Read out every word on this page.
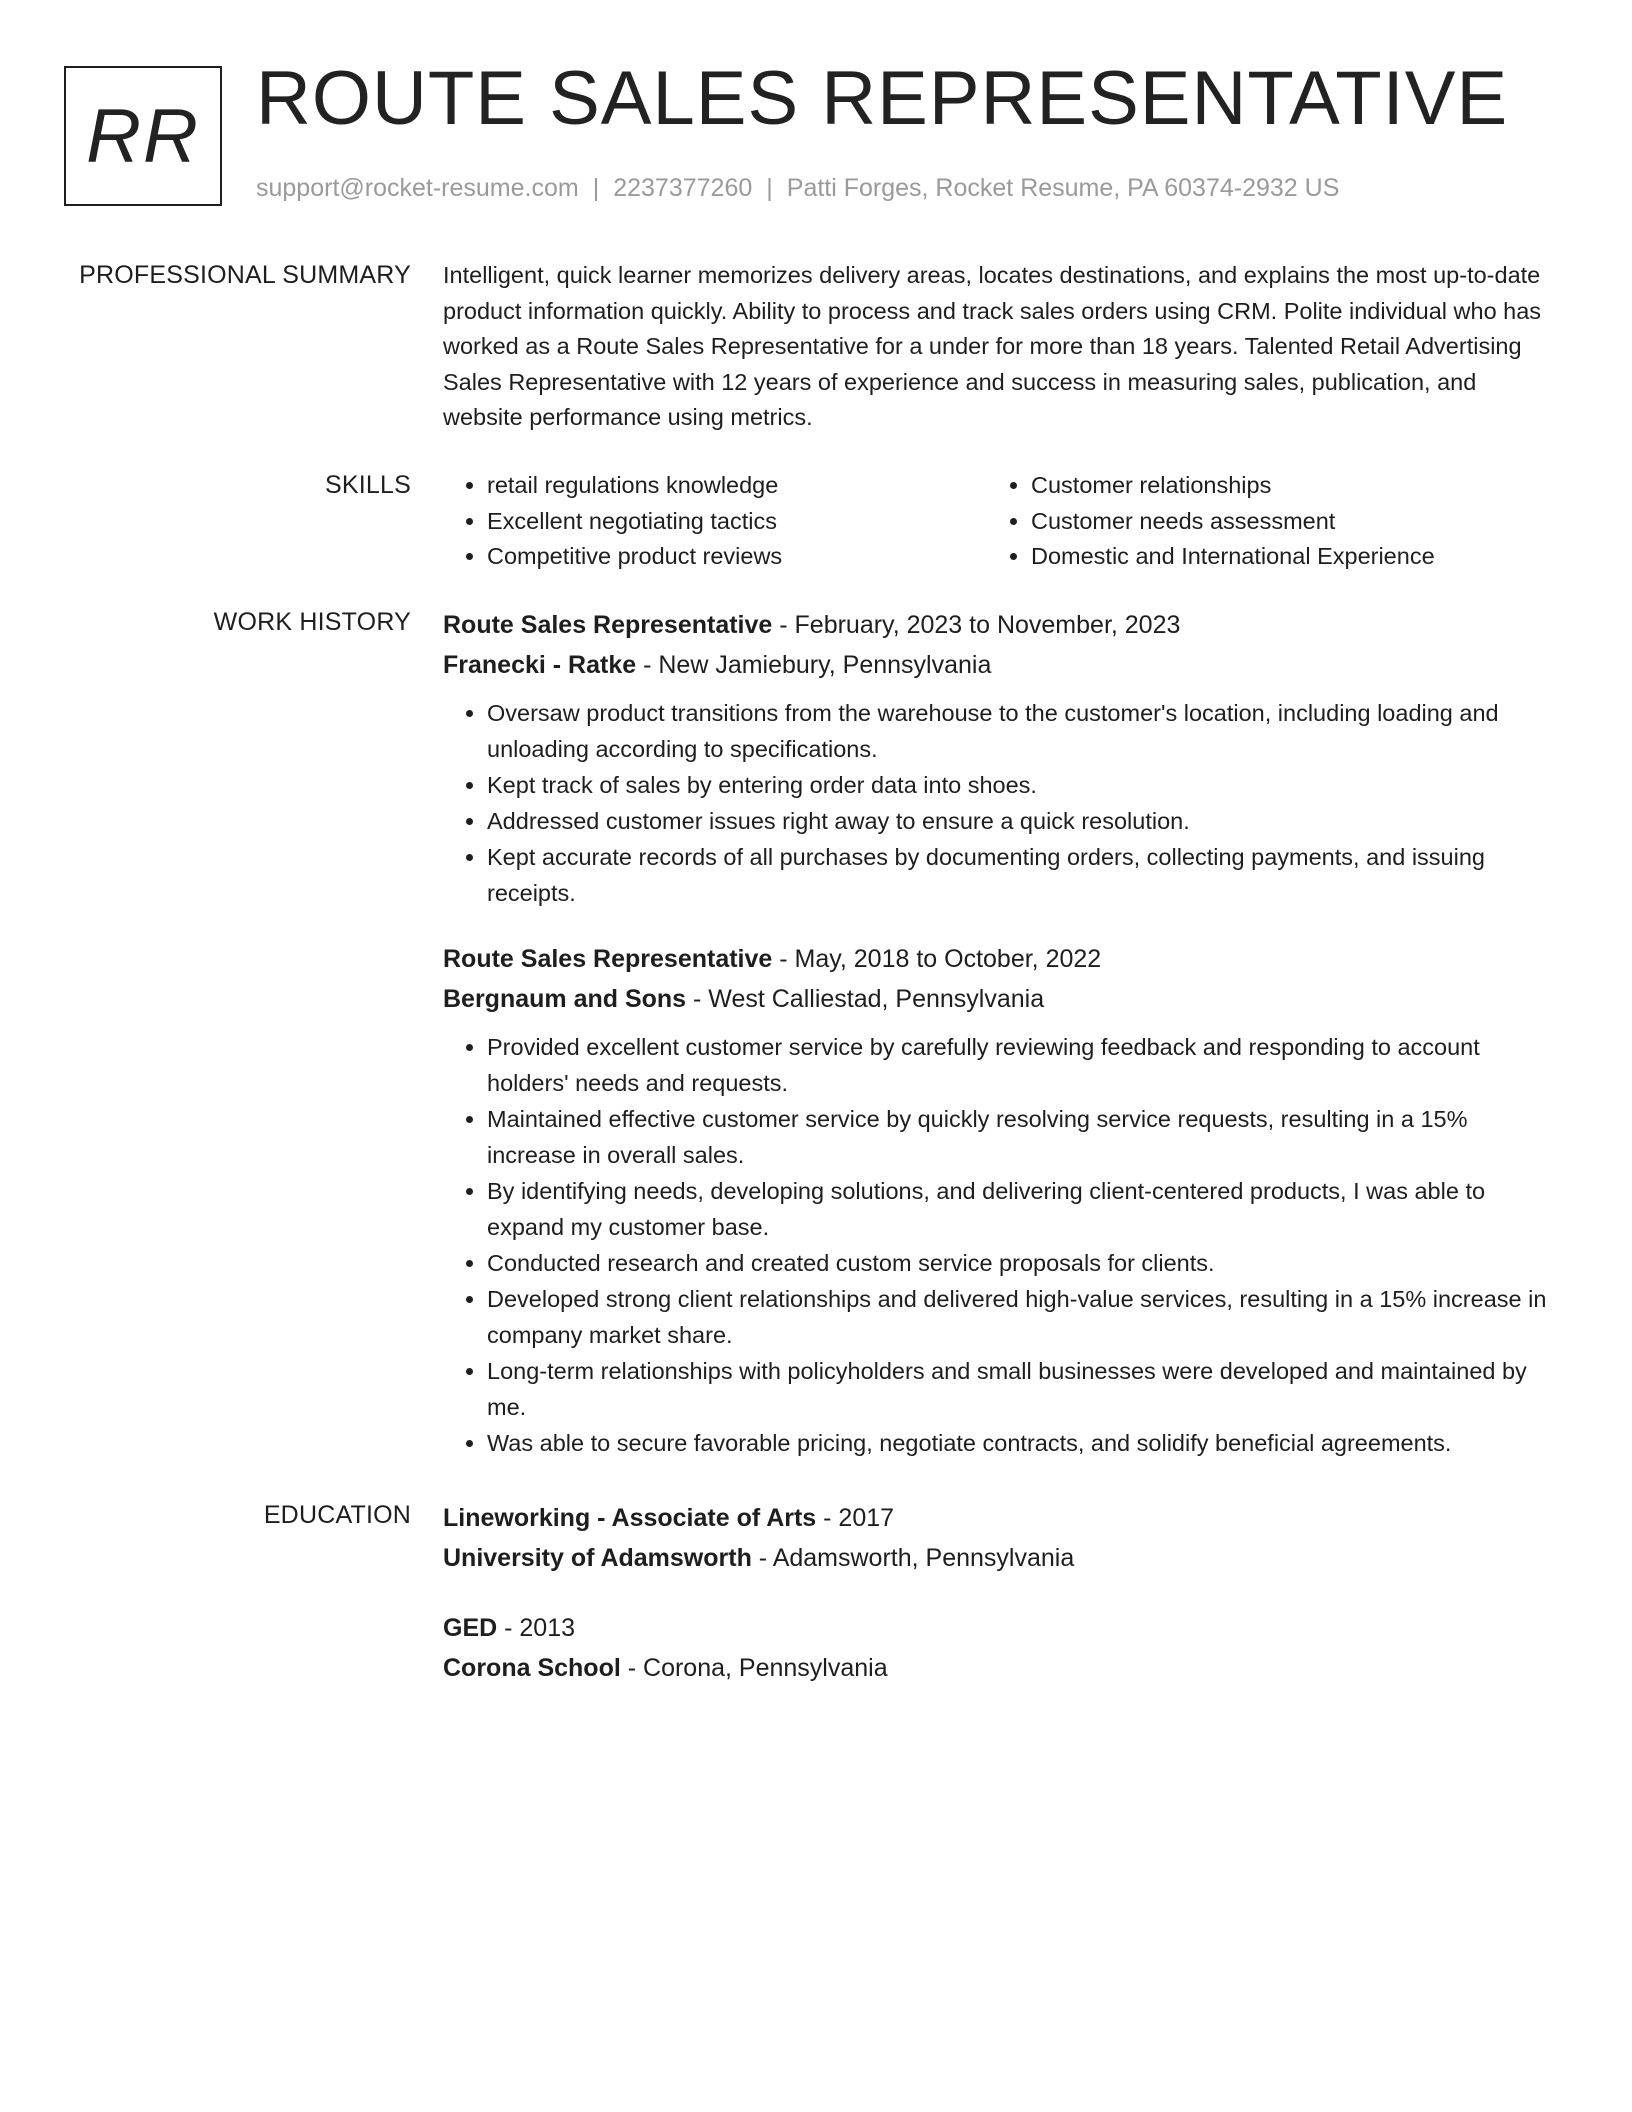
RR ROUTE SALES REPRESENTATIVE
support@rocket-resume.com | 2237377260 | Patti Forges, Rocket Resume, PA 60374-2932 US
PROFESSIONAL SUMMARY Intelligent, quick learner memorizes delivery areas, locates destinations, and explains the most up-to-date product information quickly. Ability to process and track sales orders using CRM. Polite individual who has worked as a Route Sales Representative for a under for more than 18 years. Talented Retail Advertising Sales Representative with 12 years of experience and success in measuring sales, publication, and website performance using metrics.

SKILLS
•	retail regulations knowledge
• Excellent negotiating tactics
• Competitive product reviews
• Customer relationships
• Customer needs assessment
• Domestic and International Experience
WORK HISTORY Route Sales Representative - February, 2023 to November, 2023
Franecki - Ratke - New Jamiebury, Pennsylvania
• Oversaw product transitions from the warehouse to the customer's location, including loading and unloading according to specifications.
• Kept track of sales by entering order data into shoes.
• Addressed customer issues right away to ensure a quick resolution.
• Kept accurate records of all purchases by documenting orders, collecting payments, and issuing receipts.
Route Sales Representative - May, 2018 to October, 2022
Bergnaum and Sons - West Calliestad, Pennsylvania
• Provided excellent customer service by carefully reviewing feedback and responding to account holders' needs and requests.
• Maintained effective customer service by quickly resolving service requests, resulting in a 15% increase in overall sales.
• By identifying needs, developing solutions, and delivering client-centered products, I was able to expand my customer base.
• Conducted research and created custom service proposals for clients.
• Developed strong client relationships and delivered high-value services, resulting in a 15% increase in company market share.
• Long-term relationships with policyholders and small businesses were developed and maintained by me.
• Was able to secure favorable pricing, negotiate contracts, and solidify beneficial agreements.
EDUCATION Lineworking - Associate of Arts - 2017
University of Adamsworth - Adamsworth, Pennsylvania
GED - 2013
Corona School - Corona, Pennsylvania
